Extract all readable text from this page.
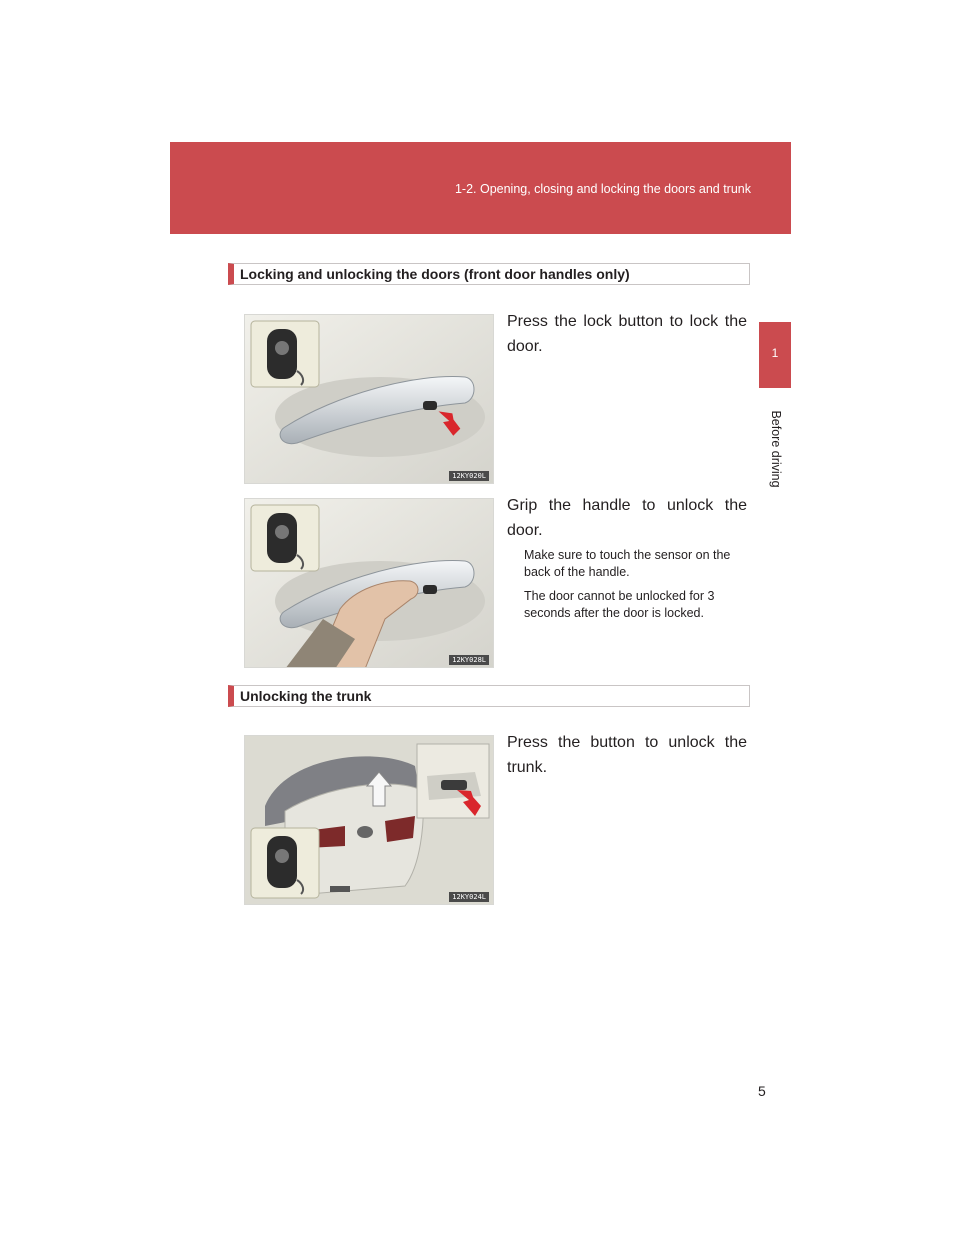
1-2. Opening, closing and locking the doors and trunk
1
Before driving
Locking and unlocking the doors (front door handles only)
12KY020L
Press the lock button to lock the door.
12KY028L
Grip the handle to unlock the door.
Make sure to touch the sensor on the back of the handle.
The door cannot be unlocked for 3 seconds after the door is locked.
Unlocking the trunk
12KY024L
Press the button to unlock the trunk.
5
